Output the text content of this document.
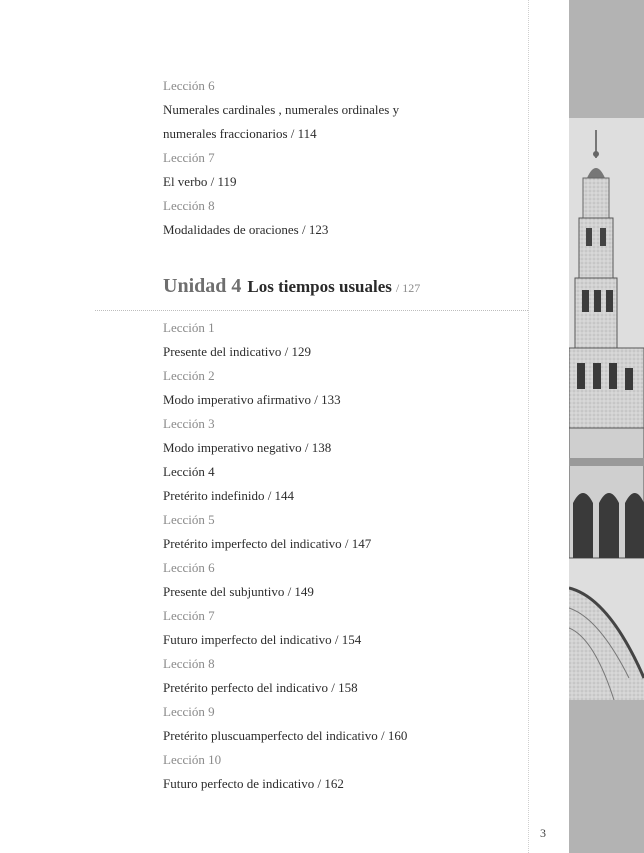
Lección 6
Numerales cardinales , numerales ordinales y
numerales fraccionarios / 114
Lección 7
El verbo / 119
Lección 8
Modalidades de oraciones / 123
Unidad 4 Los tiempos usuales / 127
Lección 1
Presente del indicativo / 129
Lección 2
Modo imperativo afirmativo / 133
Lección 3
Modo imperativo negativo / 138
Lección 4
Pretérito indefinido / 144
Lección 5
Pretérito imperfecto del indicativo / 147
Lección 6
Presente del subjuntivo / 149
Lección 7
Futuro imperfecto del indicativo / 154
Lección 8
Pretérito perfecto del indicativo / 158
Lección 9
Pretérito pluscuamperfecto del indicativo / 160
Lección 10
Futuro perfecto de indicativo / 162
3
